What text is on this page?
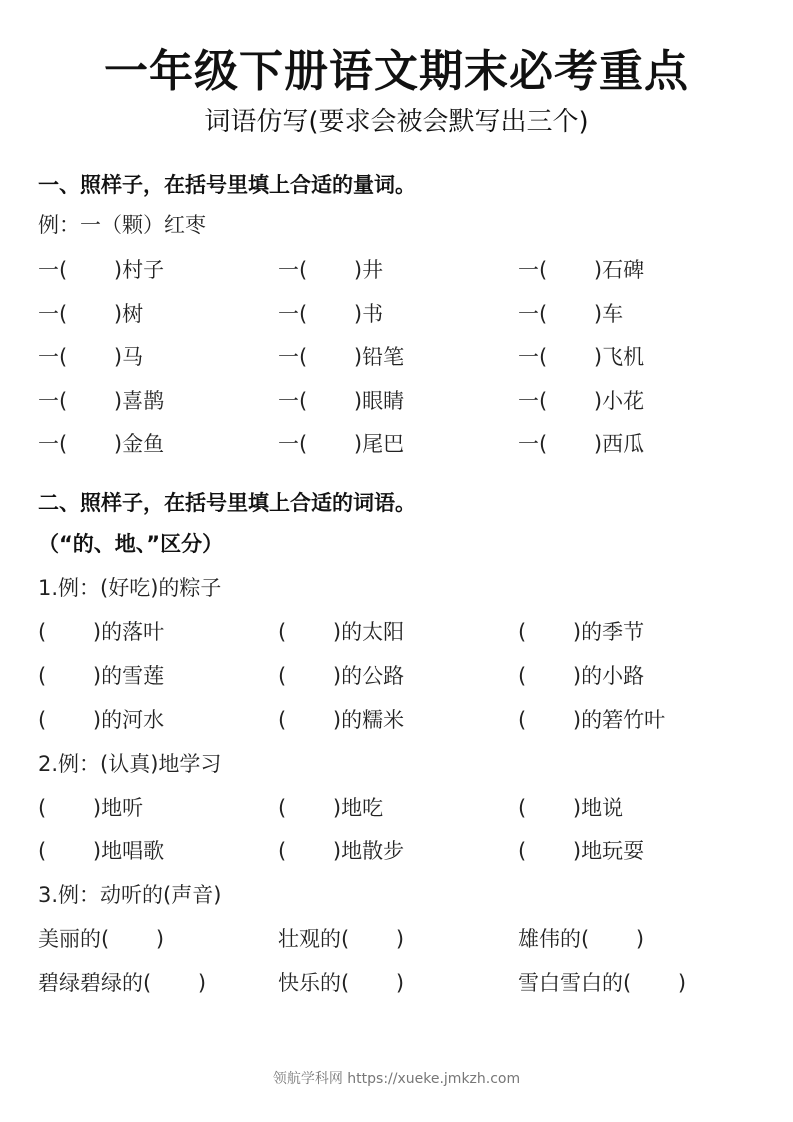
一年级下册语文期末必考重点
词语仿写(要求会被会默写出三个)
一、照样子，在括号里填上合适的量词。
例：一（颗）红枣
一(       )村子	一(       )井	一(       )石碑
一(       )树	一(       )书	一(       )车
一(       )马	一(       )铅笔	一(       )飞机
一(       )喜鹊	一(       )眼睛	一(       )小花
一(       )金鱼	一(       )尾巴	一(       )西瓜
二、照样子，在括号里填上合适的词语。
（“的、地、”区分）
1.例：(好吃)的粽子
(       )的落叶	(       )的太阳	(       )的季节
(       )的雪莲	(       )的公路	(       )的小路
(       )的河水	(       )的糯米	(       )的箬竹叶
2.例：(认真)地学习
(       )地听	(       )地吃	(       )地说
(       )地唱歌	(       )地散步	(       )地玩耍
3.例：动听的(声音)
美丽的(       )	壮观的(       )	雄伟的(       )
碧绿碧绿的(       )	快乐的(       )	雪白雪白的(       )
领航学科网 https://xueke.jmkzh.com
